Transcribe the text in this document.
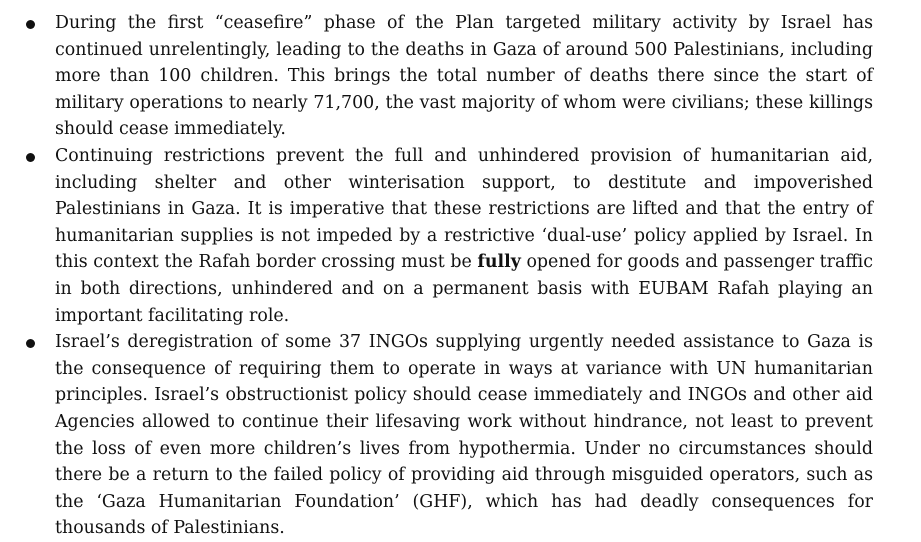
During the first “ceasefire” phase of the Plan targeted military activity by Israel has continued unrelentingly, leading to the deaths in Gaza of around 500 Palestinians, including more than 100 children. This brings the total number of deaths there since the start of military operations to nearly 71,700, the vast majority of whom were civilians; these killings should cease immediately.
Continuing restrictions prevent the full and unhindered provision of humanitarian aid, including shelter and other winterisation support, to destitute and impoverished Palestinians in Gaza. It is imperative that these restrictions are lifted and that the entry of humanitarian supplies is not impeded by a restrictive ‘dual-use’ policy applied by Israel. In this context the Rafah border crossing must be fully opened for goods and passenger traffic in both directions, unhindered and on a permanent basis with EUBAM Rafah playing an important facilitating role.
Israel’s deregistration of some 37 INGOs supplying urgently needed assistance to Gaza is the consequence of requiring them to operate in ways at variance with UN humanitarian principles. Israel’s obstructionist policy should cease immediately and INGOs and other aid Agencies allowed to continue their lifesaving work without hindrance, not least to prevent the loss of even more children’s lives from hypothermia. Under no circumstances should there be a return to the failed policy of providing aid through misguided operators, such as the ‘Gaza Humanitarian Foundation’ (GHF), which has had deadly consequences for thousands of Palestinians.
